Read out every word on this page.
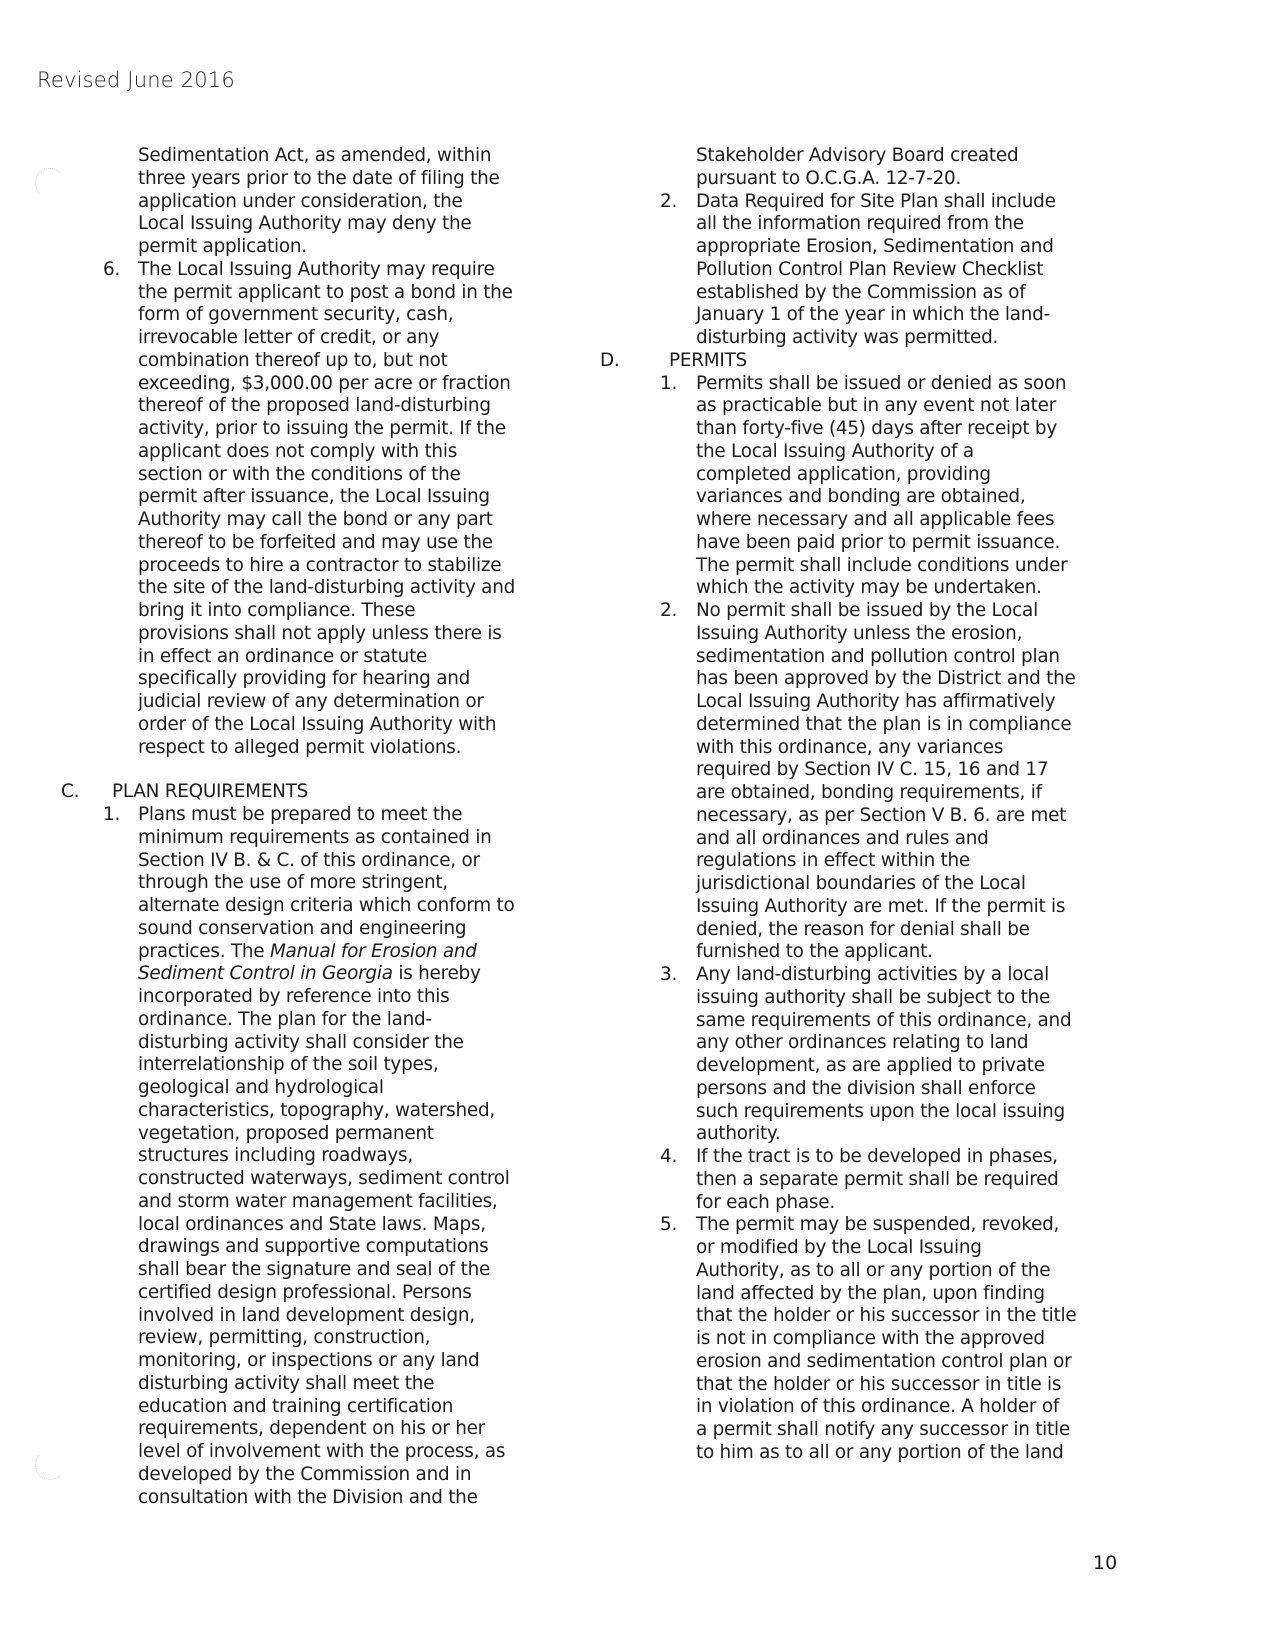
Revised June 2016
Sedimentation Act, as amended, within
three years prior to the date of filing the
application under consideration, the
Local Issuing Authority may deny the
permit application.
6. The Local Issuing Authority may require
the permit applicant to post a bond in the
form of government security, cash,
irrevocable letter of credit, or any
combination thereof up to, but not
exceeding, $3,000.00 per acre or fraction
thereof of the proposed land-disturbing
activity, prior to issuing the permit. If the
applicant does not comply with this
section or with the conditions of the
permit after issuance, the Local Issuing
Authority may call the bond or any part
thereof to be forfeited and may use the
proceeds to hire a contractor to stabilize
the site of the land-disturbing activity and
bring it into compliance. These
provisions shall not apply unless there is
in effect an ordinance or statute
specifically providing for hearing and
judicial review of any determination or
order of the Local Issuing Authority with
respect to alleged permit violations.
C. PLAN REQUIREMENTS
1. Plans must be prepared to meet the
minimum requirements as contained in
Section IV B. & C. of this ordinance, or
through the use of more stringent,
alternate design criteria which conform to
sound conservation and engineering
practices. The Manual for Erosion and
Sediment Control in Georgia is hereby
incorporated by reference into this
ordinance. The plan for the land-
disturbing activity shall consider the
interrelationship of the soil types,
geological and hydrological
characteristics, topography, watershed,
vegetation, proposed permanent
structures including roadways,
constructed waterways, sediment control
and storm water management facilities,
local ordinances and State laws. Maps,
drawings and supportive computations
shall bear the signature and seal of the
certified design professional. Persons
involved in land development design,
review, permitting, construction,
monitoring, or inspections or any land
disturbing activity shall meet the
education and training certification
requirements, dependent on his or her
level of involvement with the process, as
developed by the Commission and in
consultation with the Division and the
Stakeholder Advisory Board created
pursuant to O.C.G.A. 12-7-20.
2. Data Required for Site Plan shall include
all the information required from the
appropriate Erosion, Sedimentation and
Pollution Control Plan Review Checklist
established by the Commission as of
January 1 of the year in which the land-
disturbing activity was permitted.
D.	PERMITS
1. Permits shall be issued or denied as soon
as practicable but in any event not later
than forty-five (45) days after receipt by
the Local Issuing Authority of a
completed application, providing
variances and bonding are obtained,
where necessary and all applicable fees
have been paid prior to permit issuance.
The permit shall include conditions under
which the activity may be undertaken.
2. No permit shall be issued by the Local
Issuing Authority unless the erosion,
sedimentation and pollution control plan
has been approved by the District and the
Local Issuing Authority has affirmatively
determined that the plan is in compliance
with this ordinance, any variances
required by Section IV C. 15, 16 and 17
are obtained, bonding requirements, if
necessary, as per Section V B. 6. are met
and all ordinances and rules and
regulations in effect within the
jurisdictional boundaries of the Local
Issuing Authority are met. If the permit is
denied, the reason for denial shall be
furnished to the applicant.
3. Any land-disturbing activities by a local
issuing authority shall be subject to the
same requirements of this ordinance, and
any other ordinances relating to land
development, as are applied to private
persons and the division shall enforce
such requirements upon the local issuing
authority.
4. If the tract is to be developed in phases,
then a separate permit shall be required
for each phase.
5. The permit may be suspended, revoked,
or modified by the Local Issuing
Authority, as to all or any portion of the
land affected by the plan, upon finding
that the holder or his successor in the title
is not in compliance with the approved
erosion and sedimentation control plan or
that the holder or his successor in title is
in violation of this ordinance. A holder of
a permit shall notify any successor in title
to him as to all or any portion of the land
10
